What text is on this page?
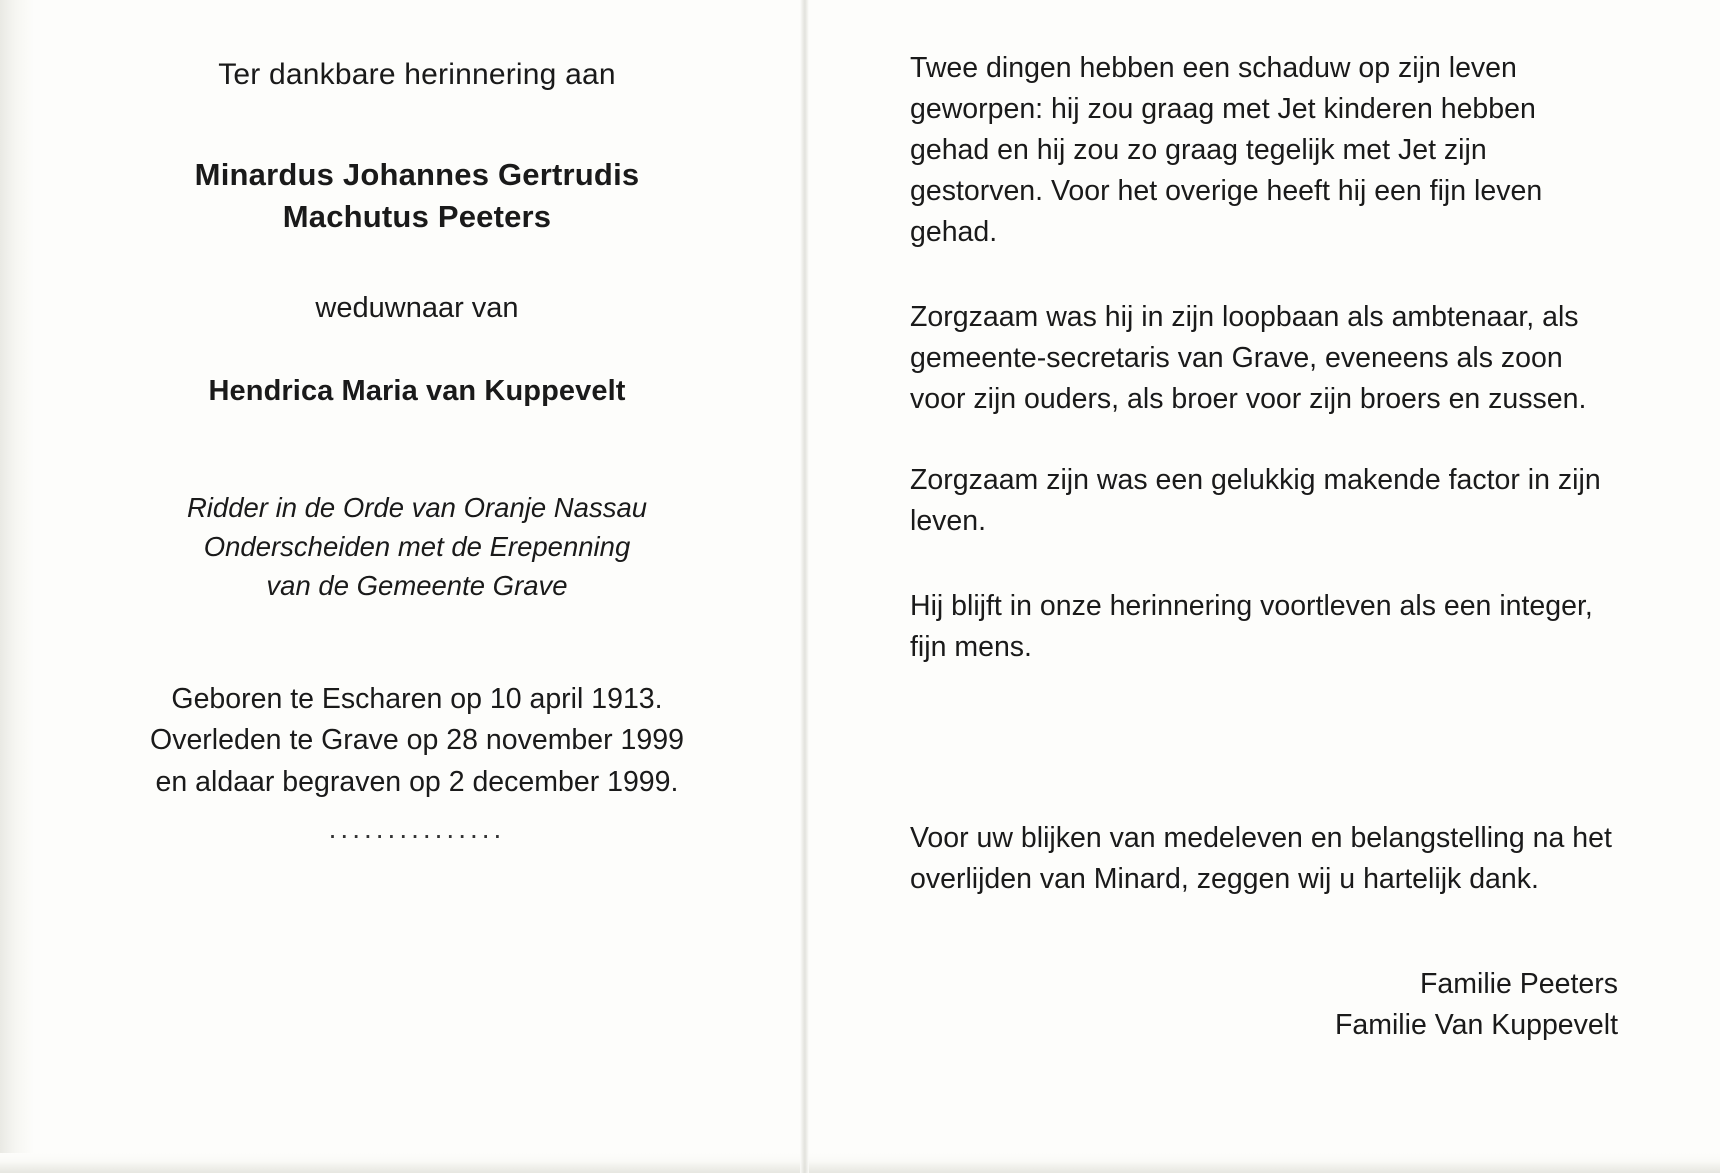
Ter dankbare herinnering aan
Minardus Johannes Gertrudis
Machutus Peeters
weduwnaar van
Hendrica Maria van Kuppevelt
Ridder in de Orde van Oranje Nassau
Onderscheiden met de Erepenning
van de Gemeente Grave
Geboren te Escharen op 10 april 1913.
Overleden te Grave op 28 november 1999
en aldaar begraven op 2 december 1999.
...............

Twee dingen hebben een schaduw op zijn leven geworpen: hij zou graag met Jet kinderen hebben gehad en hij zou zo graag tegelijk met Jet zijn gestorven. Voor het overige heeft hij een fijn leven gehad.

Zorgzaam was hij in zijn loopbaan als ambtenaar, als gemeente-secretaris van Grave, eveneens als zoon voor zijn ouders, als broer voor zijn broers en zussen.

Zorgzaam zijn was een gelukkig makende factor in zijn leven.

Hij blijft in onze herinnering voortleven als een integer, fijn mens.

Voor uw blijken van medeleven en belangstelling na het overlijden van Minard, zeggen wij u hartelijk dank.

Familie Peeters
Familie Van Kuppevelt
